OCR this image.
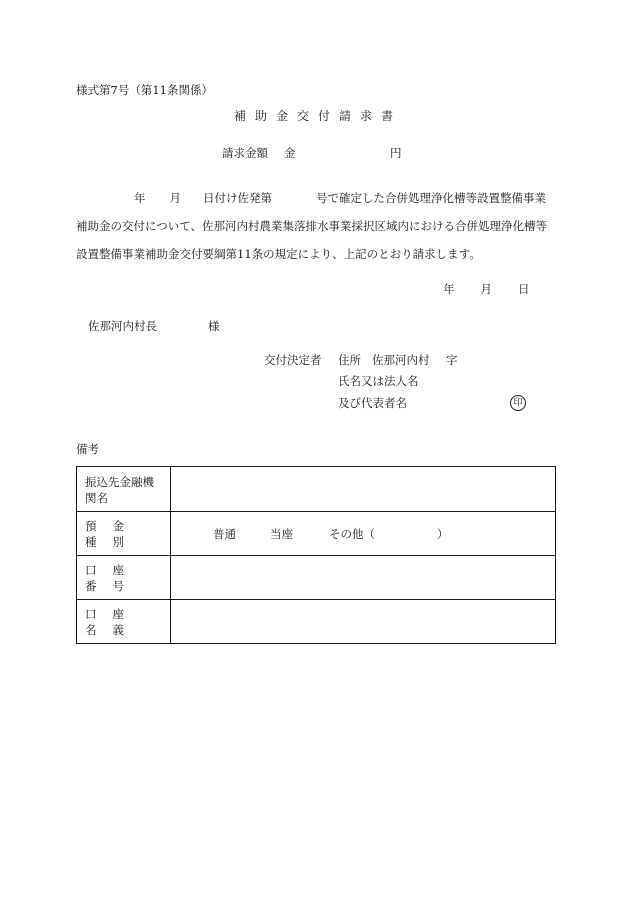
様式第7号（第11条関係）
補助金交付請求書
請求金額 金	円
年 月 日付け佐発第	号で確定した合併処理浄化槽等設置整備事業補助金の交付について、佐那河内村農業集落排水事業採択区域内における合併処理浄化槽等設置整備事業補助金交付要綱第11条の規定により、上記のとおり請求します。
年 月 日
佐那河内村長	様
交付決定者 住所 佐那河内村 字
氏名又は法人名
及び代表者名	印
備考
振込先金融機関名	
預金種別	普通 当座 その他（ ）
口座番号	
口座名義	
